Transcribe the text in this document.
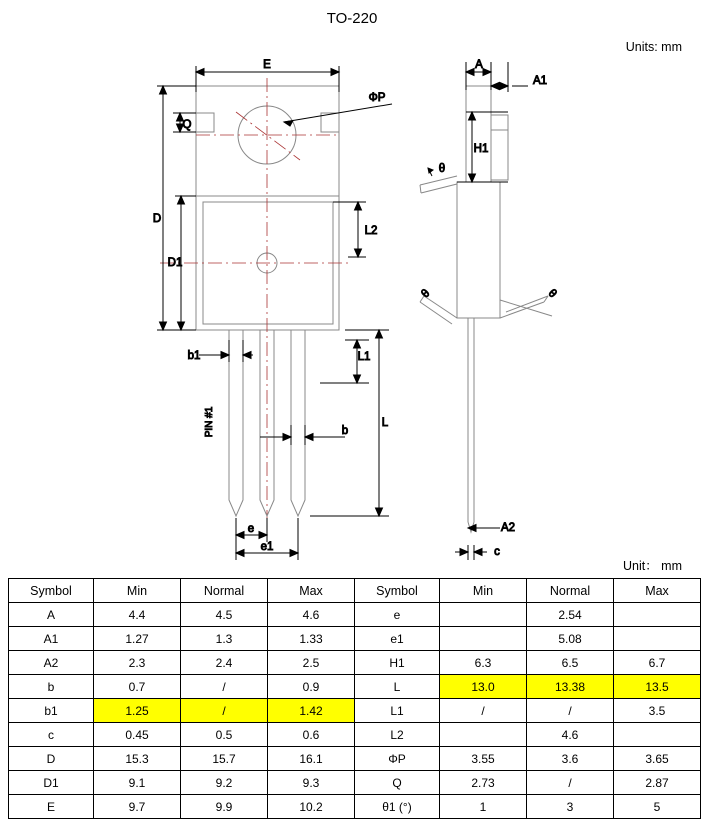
TO-220
Units: mm
Unit： mm
E
Q
ΦP
D
D1
L2
b1
b
L1
L
PIN #1
e
e1
A
A1
H1
θ
θ	θ
A2
c
Symbol	Min	Normal	Max	Symbol	Min	Normal	Max
A	4.4	4.5	4.6	e		2.54	
A1	1.27	1.3	1.33	e1		5.08	
A2	2.3	2.4	2.5	H1	6.3	6.5	6.7
b	0.7	/	0.9	L	13.0	13.38	13.5
b1	1.25	/	1.42	L1	/	/	3.5
c	0.45	0.5	0.6	L2		4.6	
D	15.3	15.7	16.1	ΦP	3.55	3.6	3.65
D1	9.1	9.2	9.3	Q	2.73	/	2.87
E	9.7	9.9	10.2	θ1 (°)	1	3	5
